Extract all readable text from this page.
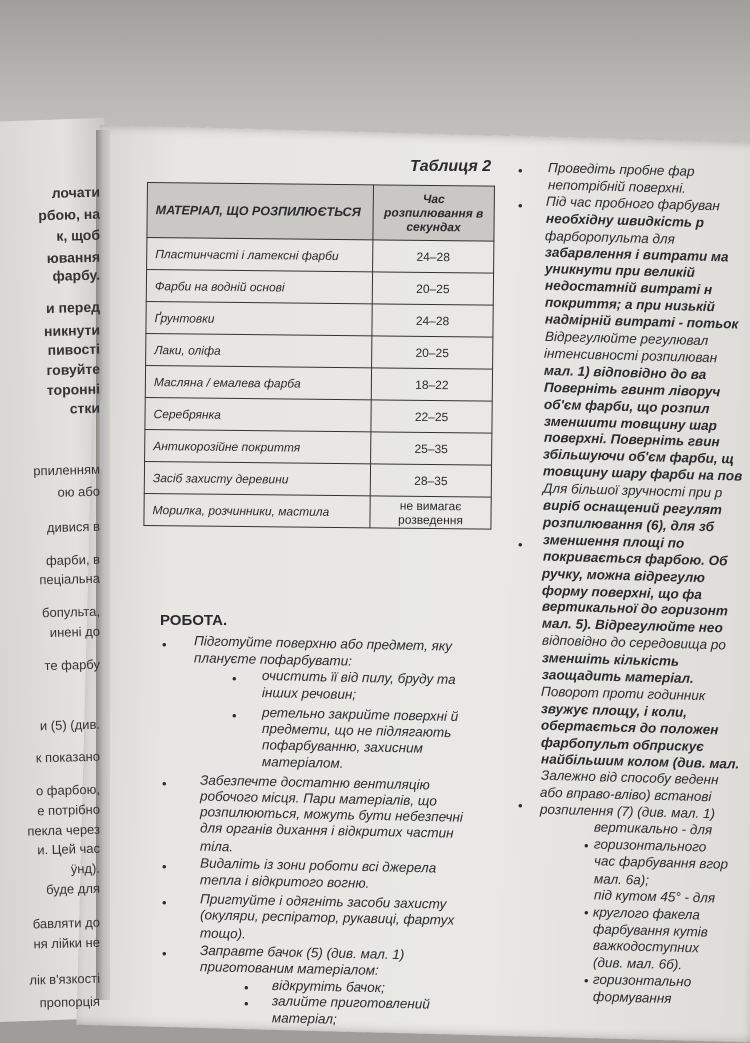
лочати
рбою, на
к, щоб
ювання
фарбу.
и перед
никнути
пивості
говуйте
торонні
стки
рпиленням
ою або
дивися в
фарби, в
пеціальна
бопульта,
инені до
те фарбу
и (5) (див.
к показано
о фарбою,
е потрібно
пекла через
и. Цей час
ÿнд).
буде для
бавляти до
ня лійки не
лік в'язкості
пропорція
Таблиця 2
МАТЕРІАЛ, ЩО РОЗПИЛЮЄТЬСЯ	Час розпилювання в секундах
Пластинчасті і латексні фарби	24–28
Фарби на водній основі	20–25
Ґрунтовки	24–28
Лаки, оліфа	20–25
Масляна / емалева фарба	18–22
Серебрянка	22–25
Антикорозійне покриття	25–35
Засіб захисту деревини	28–35
Морилка, розчинники, мастила	не вимагає розведення
РОБОТА.
Підготуйте поверхню або предмет, яку
плануєте пофарбувати:
очистить її від пилу, бруду та
інших речовин;
ретельно закрийте поверхні й
предмети, що не підлягають
пофарбуванню, захисним
матеріалом.
Забезпечте достатню вентиляцію
робочого місця. Пари матеріалів, що
розпилюються, можуть бути небезпечні
для органів дихання і відкритих частин
тіла.
Видаліть із зони роботи всі джерела
тепла і відкритого вогню.
Пригтуйте і одягніть засоби захисту
(окуляри, респіратор, рукавиці, фартух
тощо).
Заправте бачок (5) (див. мал. 1)
приготованим матеріалом:
відкрутіть бачок;
залийте приготовлений
матеріал;
•
•
•
•
•
•
•
•
•
Проведіть пробне фар
непотрібній поверхні.
Під час пробного фарбуван
необхідну швидкість р
фарборопульта для
забарвлення і витрати ма
уникнути при великій
недостатній витраті н
покриття; а при низькій
надмірній витраті - потьок
Відрегулюйте регулювал
інтенсивності розпилюван
мал. 1) відповідно до ва
Поверніть гвинт ліворуч
об'єм фарби, що розпил
зменшити товщину шар
поверхні. Поверніть гвин
збільшуючи об'єм фарби, щ
товщину шару фарби на пов
Для більшої зручності при р
виріб оснащений регулят
розпилювання (6), для зб
зменшення площі по
покривається фарбою. Об
ручку, можна відрегулю
форму поверхні, що фа
вертикальної до горизонт
мал. 5). Відрегулюйте нео
відповідно до середовища ро
зменшіть кількість
заощадить матеріал.
Поворот проти годинник
звужує площу, і коли,
обертається до положен
фарбопульт обприскує
найбільшим колом (див. мал.
Залежно від способу веденн
або вправо-вліво) встанові
розпилення (7) (див. мал. 1)
вертикально - для
горизонтального
час фарбування вгор
мал. 6а);
під кутом 45° - для
круглого факела
фарбування кутів
важкодоступних
(див. мал. 6б).
горизонтально
формування
•
•
•
•
•
•
•
